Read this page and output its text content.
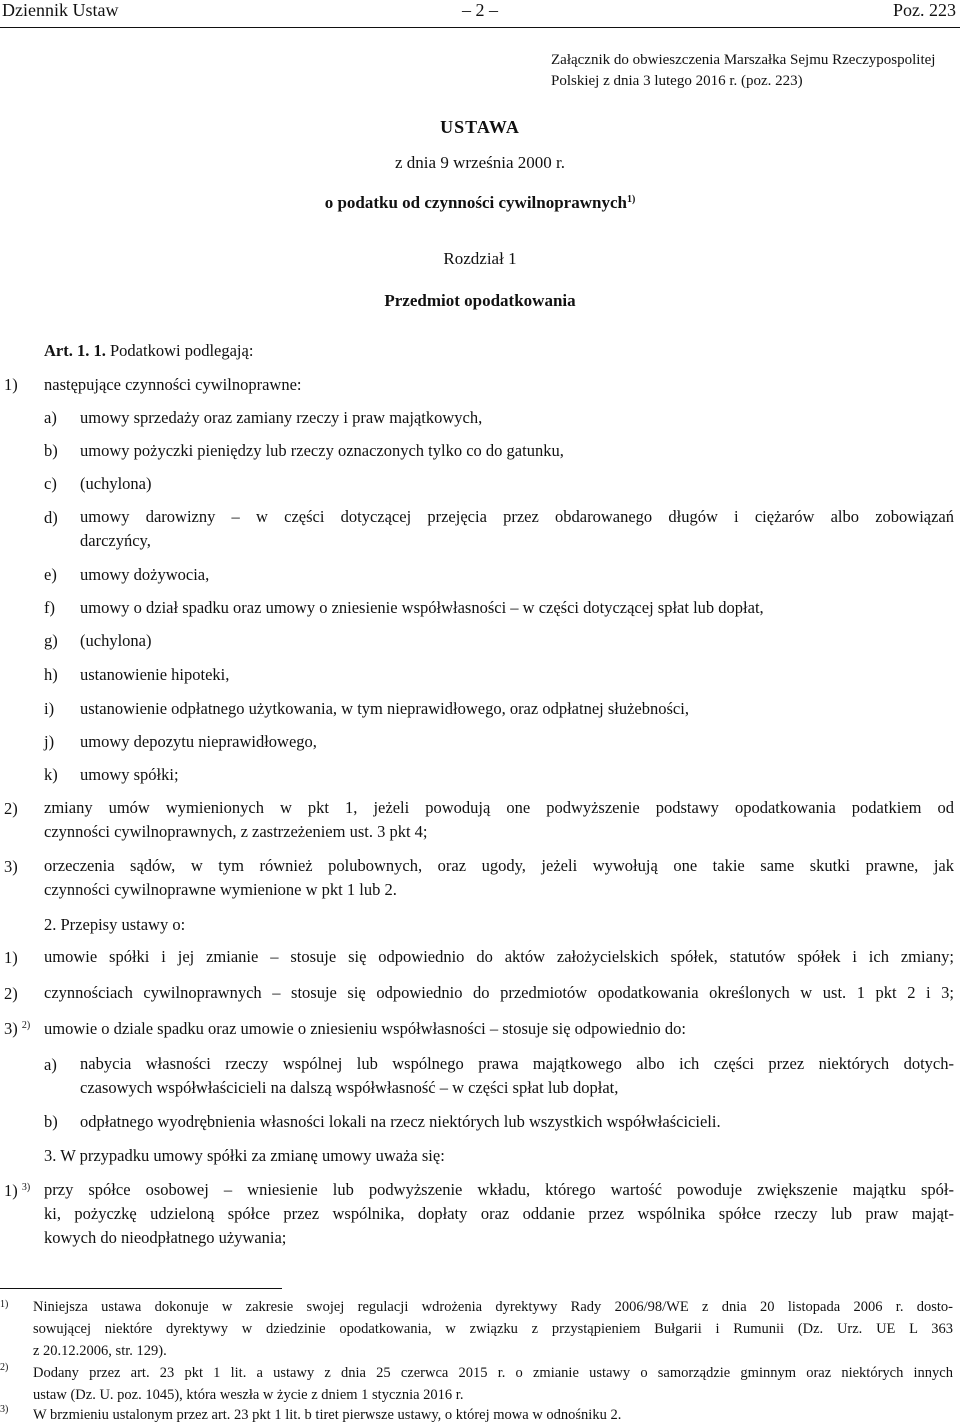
Dziennik Ustaw	– 2 –	Poz. 223
Załącznik do obwieszczenia Marszałka Sejmu Rzeczypospolitej
Polskiej z dnia 3 lutego 2016 r. (poz. 223)
USTAWA
z dnia 9 września 2000 r.
o podatku od czynności cywilnoprawnych$^{1)}$
Rozdział 1
Przedmiot opodatkowania
Art. 1. 1. Podatkowi podlegają:
1) następujące czynności cywilnoprawne:
a) umowy sprzedaży oraz zamiany rzeczy i praw majątkowych,
b) umowy pożyczki pieniędzy lub rzeczy oznaczonych tylko co do gatunku,
c) (uchylona)
d) umowy darowizny – w części dotyczącej przejęcia przez obdarowanego długów i ciężarów albo zobowiązań
darczyńcy,
e) umowy dożywocia,
f) umowy o dział spadku oraz umowy o zniesienie współwłasności – w części dotyczącej spłat lub dopłat,
g) (uchylona)
h) ustanowienie hipoteki,
i) ustanowienie odpłatnego użytkowania, w tym nieprawidłowego, oraz odpłatnej służebności,
j) umowy depozytu nieprawidłowego,
k) umowy spółki;
2) zmiany umów wymienionych w pkt 1, jeżeli powodują one podwyższenie podstawy opodatkowania podatkiem od
czynności cywilnoprawnych, z zastrzeżeniem ust. 3 pkt 4;
3) orzeczenia sądów, w tym również polubownych, oraz ugody, jeżeli wywołują one takie same skutki prawne, jak
czynności cywilnoprawne wymienione w pkt 1 lub 2.
2. Przepisy ustawy o:
1) umowie spółki i jej zmianie – stosuje się odpowiednio do aktów założycielskich spółek, statutów spółek i ich zmiany;
2) czynnościach cywilnoprawnych – stosuje się odpowiednio do przedmiotów opodatkowania określonych w ust. 1 pkt 2 i 3;
3) $^{2)}$ umowie o dziale spadku oraz umowie o zniesieniu współwłasności – stosuje się odpowiednio do:
a) nabycia własności rzeczy wspólnej lub wspólnego prawa majątkowego albo ich części przez niektórych dotych-
czasowych współwłaścicieli na dalszą współwłasność – w części spłat lub dopłat,
b) odpłatnego wyodrębnienia własności lokali na rzecz niektórych lub wszystkich współwłaścicieli.
3. W przypadku umowy spółki za zmianę umowy uważa się:
1) $^{3)}$ przy spółce osobowej – wniesienie lub podwyższenie wkładu, którego wartość powoduje zwiększenie majątku spół-
ki, pożyczkę udzieloną spółce przez wspólnika, dopłaty oraz oddanie przez wspólnika spółce rzeczy lub praw mająt-
kowych do nieodpłatnego używania;
1) Niniejsza ustawa dokonuje w zakresie swojej regulacji wdrożenia dyrektywy Rady 2006/98/WE z dnia 20 listopada 2006 r. dosto-
sowującej niektóre dyrektywy w dziedzinie opodatkowania, w związku z przystąpieniem Bułgarii i Rumunii (Dz. Urz. UE L 363
z 20.12.2006, str. 129).
2) Dodany przez art. 23 pkt 1 lit. a ustawy z dnia 25 czerwca 2015 r. o zmianie ustawy o samorządzie gminnym oraz niektórych innych
ustaw (Dz. U. poz. 1045), która weszła w życie z dniem 1 stycznia 2016 r.
3) W brzmieniu ustalonym przez art. 23 pkt 1 lit. b tiret pierwsze ustawy, o której mowa w odnośniku 2.
